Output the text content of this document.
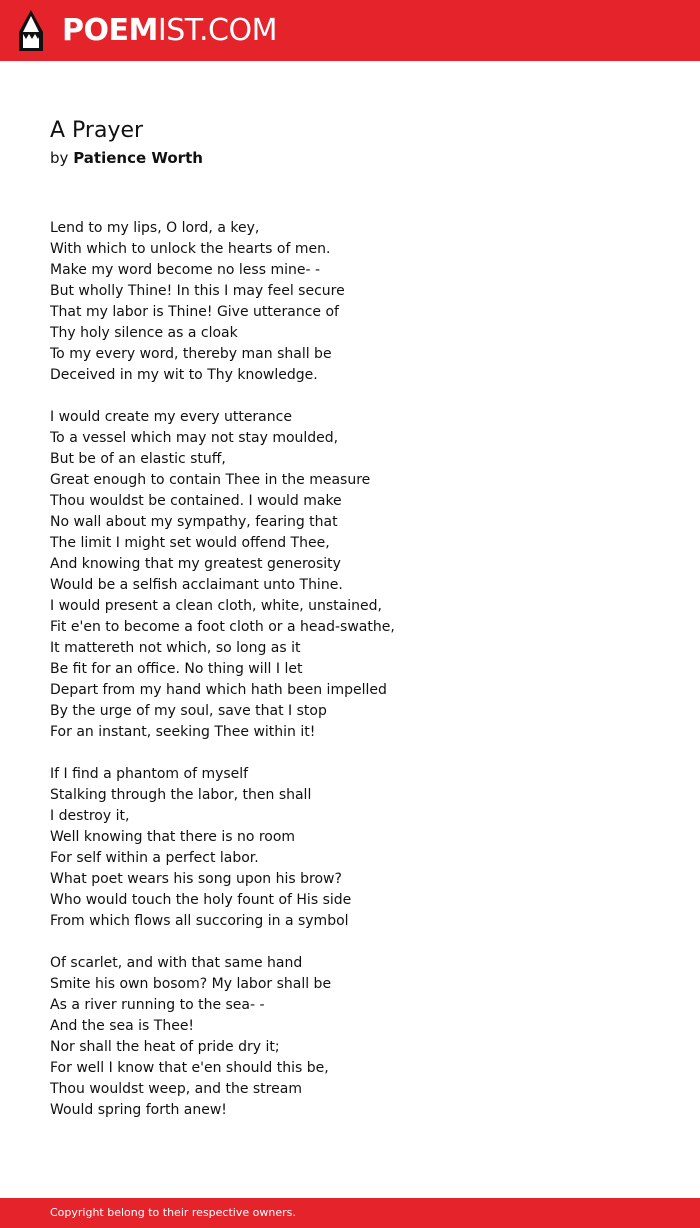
POEMIST.COM
A Prayer
by Patience Worth
Lend to my lips, O lord, a key,
With which to unlock the hearts of men.
Make my word become no less mine- -
But wholly Thine! In this I may feel secure
That my labor is Thine! Give utterance of
Thy holy silence as a cloak
To my every word, thereby man shall be
Deceived in my wit to Thy knowledge.
I would create my every utterance
To a vessel which may not stay moulded,
But be of an elastic stuff,
Great enough to contain Thee in the measure
Thou wouldst be contained. I would make
No wall about my sympathy, fearing that
The limit I might set would offend Thee,
And knowing that my greatest generosity
Would be a selfish acclaimant unto Thine.
I would present a clean cloth, white, unstained,
Fit e'en to become a foot cloth or a head-swathe,
It mattereth not which, so long as it
Be fit for an office. No thing will I let
Depart from my hand which hath been impelled
By the urge of my soul, save that I stop
For an instant, seeking Thee within it!
If I find a phantom of myself
Stalking through the labor, then shall
I destroy it,
Well knowing that there is no room
For self within a perfect labor.
What poet wears his song upon his brow?
Who would touch the holy fount of His side
From which flows all succoring in a symbol
Of scarlet, and with that same hand
Smite his own bosom? My labor shall be
As a river running to the sea- -
And the sea is Thee!
Nor shall the heat of pride dry it;
For well I know that e'en should this be,
Thou wouldst weep, and the stream
Would spring forth anew!
Copyright belong to their respective owners.
